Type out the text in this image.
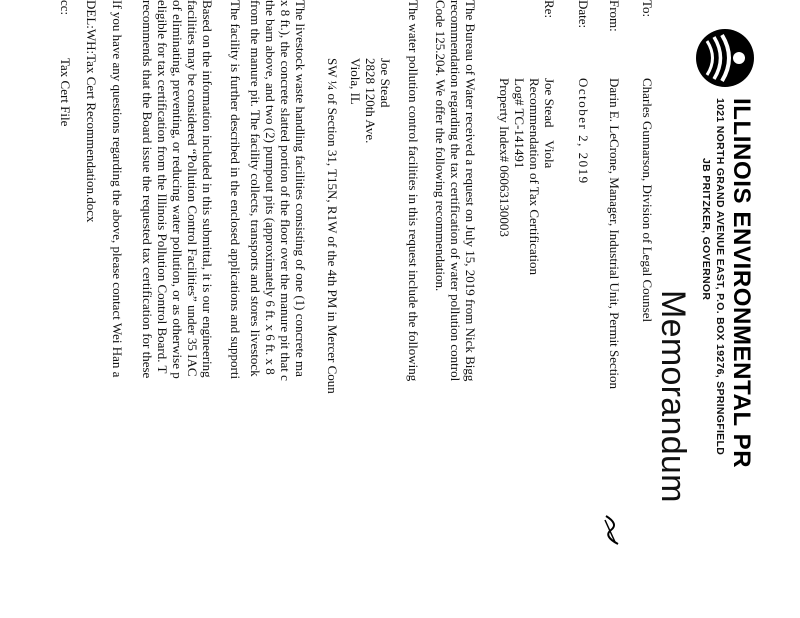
ILLINOIS ENVIRONMENTAL PR
1021 NORTH GRAND AVENUE EAST, P.O. BOX 19276, SPRINGFIELD
JB PRITZKER, GOVERNOR
Memorandum
To:
Charles Gunnarson, Division of Legal Counsel
From:
Darin E. LeCrone, Manager, Industrial Unit, Permit Section
Date:
October 2, 2019
Re:
Joe Stead    Viola
Recommendation of Tax Certification
Log# TC-141491
Property Index# 06063130003
The Bureau of Water received a request on July 15, 2019 from Nick Bigg
recommendation regarding the tax certification of water pollution control
Code 125.204. We offer the following recommendation.
The water pollution control facilities in this request include the following
Joe Stead
2828 120th Ave.
Viola, IL
SW ¼ of Section 31, T15N, R1W of the 4th PM in Mercer Coun
The livestock waste handling facilities consisting of one (1) concrete ma
x 8 ft.), the concrete slatted portion of the floor over the manure pit that c
the barn above, and two (2) pumpout pits (approximately 6 ft. x 6 ft. x 8
from the manure pit. The facility collects, transports and stores livestock
The facility is further described in the enclosed applications and supporti
Based on the information included in this submittal, it is our engineering
facilities may be considered “Pollution Control Facilities” under 35 IAC
of eliminating, preventing, or reducing water pollution, or as otherwise p
eligible for tax certification from the Illinois Pollution Control Board. T
recommends that the Board issue the requested tax certification for these
If you have any questions regarding the above, please contact Wei Han a
DEL:WH:Tax Cert Recommendation.docx
cc:
Tax Cert File
